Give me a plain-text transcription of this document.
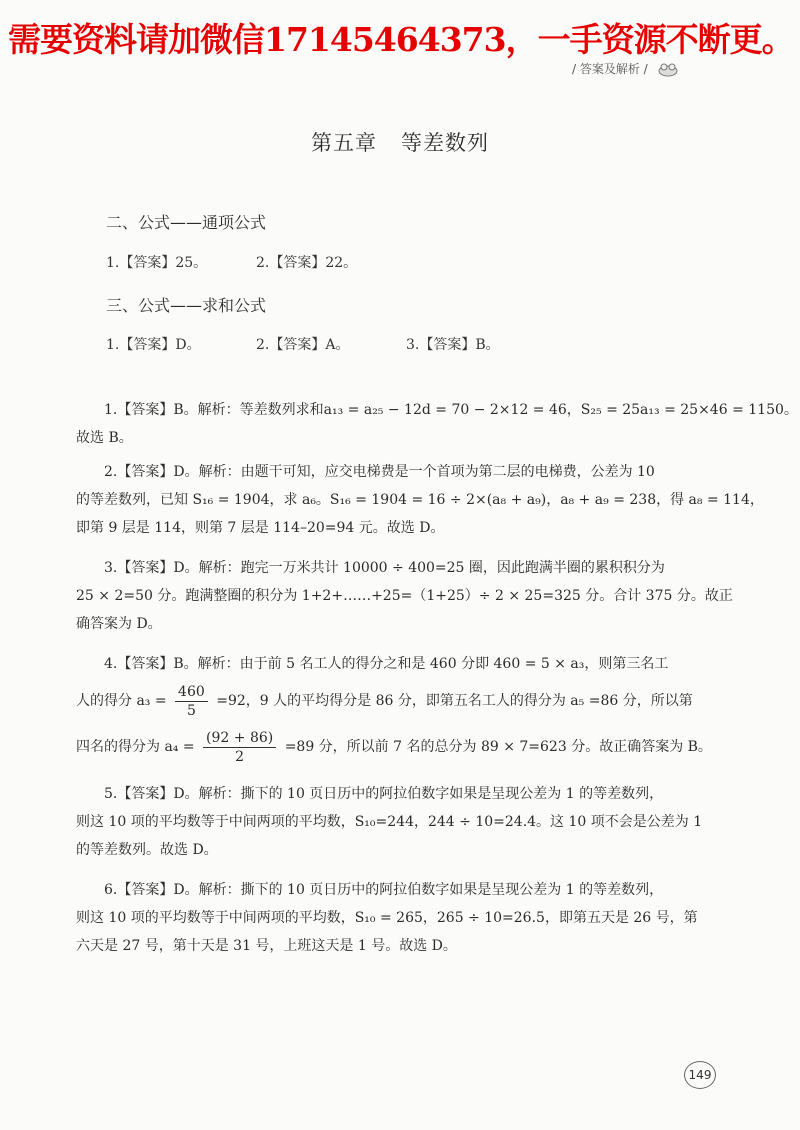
需要资料请加微信17145464373，一手资源不断更。
/ 答案及解析 /
第五章 等差数列
二、公式——通项公式
1.【答案】25。	2.【答案】22。
三、公式——求和公式
1.【答案】D。	2.【答案】A。	3.【答案】B。
1.【答案】B。解析：等差数列求和a₁₃ = a₂₅ − 12d = 70 − 2×12 = 46，S₂₅ = 25a₁₃ = 25×46 = 1150。
故选 B。
2.【答案】D。解析：由题干可知，应交电梯费是一个首项为第二层的电梯费，公差为 10
的等差数列，已知 S₁₆ = 1904，求 a₆。S₁₆ = 1904 = 16 ÷ 2×(a₈ + a₉)，a₈ + a₉ = 238，得 a₈ = 114，
即第 9 层是 114，则第 7 层是 114–20=94 元。故选 D。
3.【答案】D。解析：跑完一万米共计 10000 ÷ 400=25 圈，因此跑满半圈的累积积分为
25 × 2=50 分。跑满整圈的积分为 1+2+……+25=（1+25）÷ 2 × 25=325 分。合计 375 分。故正
确答案为 D。
4.【答案】B。解析：由于前 5 名工人的得分之和是 460 分即 460 = 5 × a₃，则第三名工
人的得分 $a_3 = \frac{460}{5} =92$，9 人的平均得分是 86 分，即第五名工人的得分为 a₅ =86 分，所以第
四名的得分为 $a_4 = \frac{(92 + 86)}{2} =89$ 分，所以前 7 名的总分为 89 × 7=623 分。故正确答案为 B。
5.【答案】D。解析：撕下的 10 页日历中的阿拉伯数字如果是呈现公差为 1 的等差数列，
则这 10 项的平均数等于中间两项的平均数，S₁₀=244，244 ÷ 10=24.4。这 10 项不会是公差为 1
的等差数列。故选 D。
6.【答案】D。解析：撕下的 10 页日历中的阿拉伯数字如果是呈现公差为 1 的等差数列，
则这 10 项的平均数等于中间两项的平均数，S₁₀ = 265，265 ÷ 10=26.5，即第五天是 26 号，第
六天是 27 号，第十天是 31 号，上班这天是 1 号。故选 D。
149
